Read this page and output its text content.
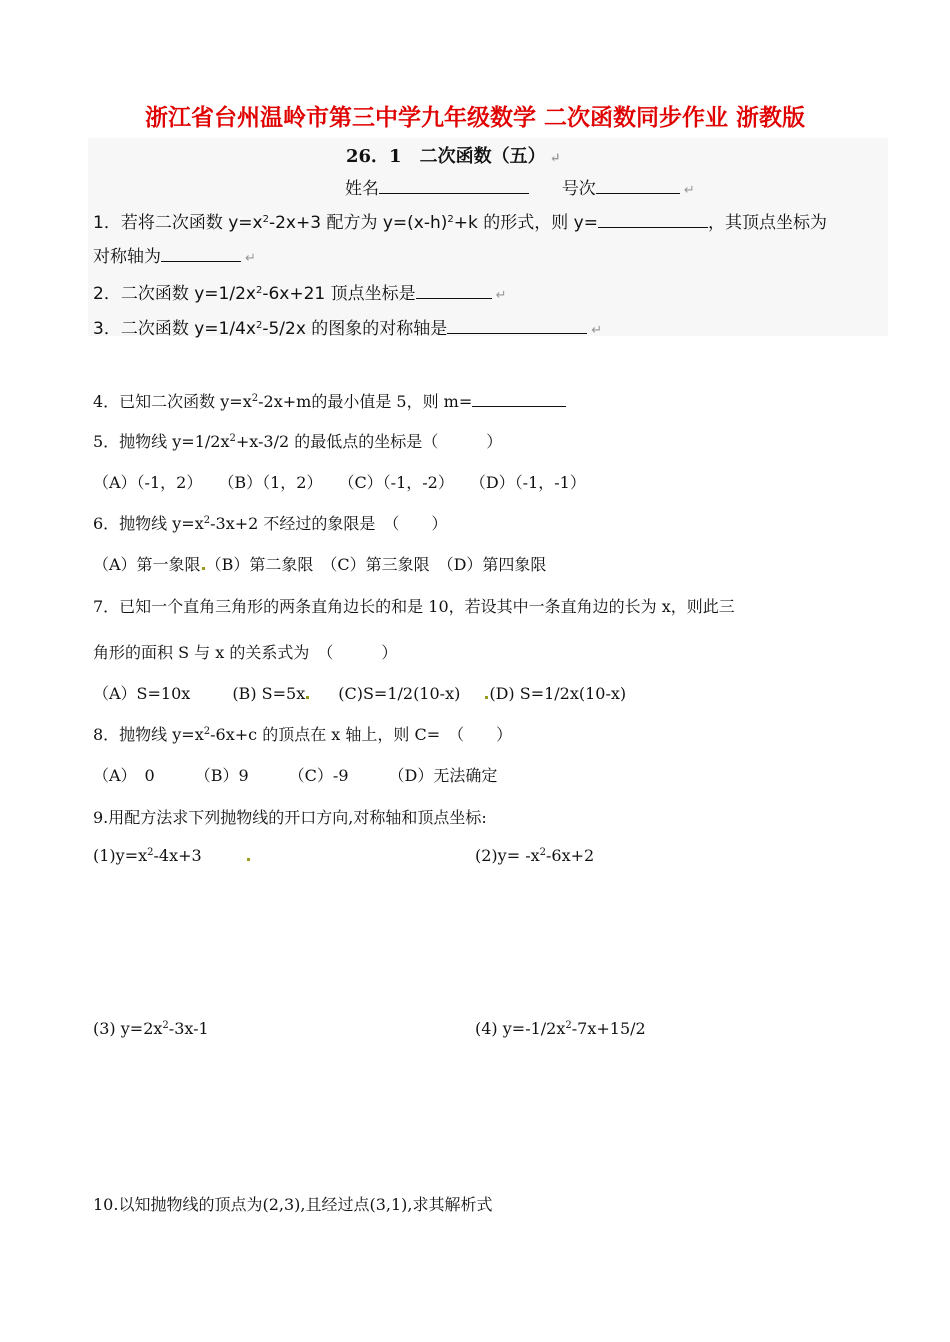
浙江省台州温岭市第三中学九年级数学 二次函数同步作业 浙教版
26．1　二次函数（五） ↵
姓名	号次	↵
1．若将二次函数 $y=x^2-2x+3$ 配方为 $y=(x-h)^2+k$ 的形式，则 y=	，其顶点坐标为
对称轴为	↵
2．二次函数 $y=1/2x^2-6x+21$ 顶点坐标是	↵
3．二次函数 $y=1/4x^2-5/2x$ 的图象的对称轴是	↵
4．已知二次函数 $y=x^2-2x+m$的最小值是 5，则 m=
5．抛物线 $y=1/2x^2+x-3/2$ 的最低点的坐标是（　　　）
（A）（-1，2）　　（B）（1，2）　　（C）（-1，-2）　　（D）（-1，-1）
6．抛物线 $y=x^2-3x+2$ 不经过的象限是　（　　）
（A）第一象限 （B）第二象限　（C）第三象限　（D）第四象限
7．已知一个直角三角形的两条直角边长的和是 10，若设其中一条直角边的长为 x，则此三
角形的面积 S 与 x 的关系式为　（　　　）
（A）S=10x	(B) S=5x (C)S=1/2(10-x) (D) S=1/2x(10-x)
8．抛物线 $y=x^2-6x+c$ 的顶点在 x 轴上，则 C=　（　　）
（A）　0　　　（B）9　　　（C）-9　　　（D）无法确定
9.用配方法求下列抛物线的开口方向,对称轴和顶点坐标:
$(1)y=x^2-4x+3$	$(2)y= -x^2-6x+2$
(3) $y=2x^2-3x-1$	(4) $y=-1/2x^2-7x+15/2$
10.以知抛物线的顶点为(2,3),且经过点(3,1),求其解析式
